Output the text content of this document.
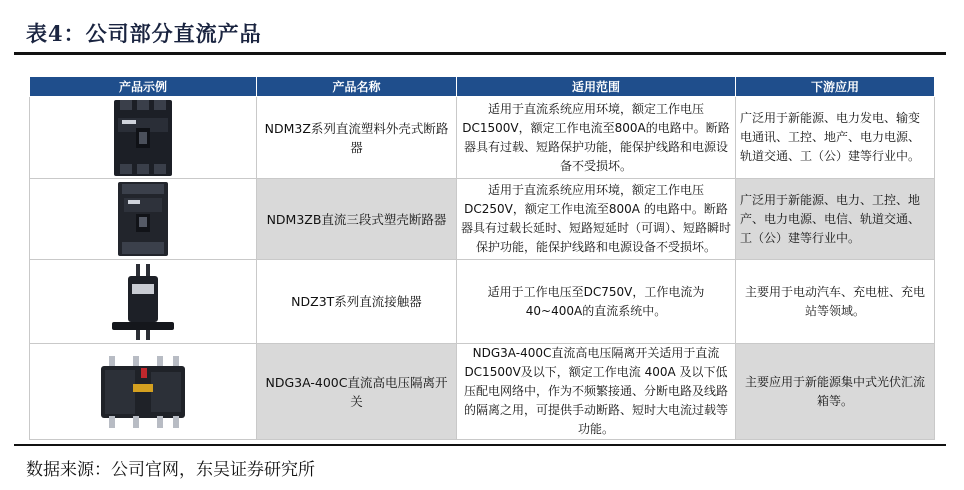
表4：公司部分直流产品
产品示例	产品名称	适用范围	下游应用

	NDM3Z系列直流塑料外壳式断路器	适用于直流系统应用环境，额定工作电压DC1500V，额定工作电流至800A的电路中。断路器具有过载、短路保护功能，能保护线路和电源设备不受损坏。	广泛用于新能源、电力发电、输变电通讯、工控、地产、电力电源、轨道交通、工（公）建等行业中。

	NDM3ZB直流三段式塑壳断路器	适用于直流系统应用环境，额定工作电压DC250V，额定工作电流至800A 的电路中。断路器具有过载长延时、短路短延时（可调）、短路瞬时保护功能，能保护线路和电源设备不受损坏。	广泛用于新能源、电力、工控、地产、电力电源、电信、轨道交通、工（公）建等行业中。

	NDZ3T系列直流接触器	适用于工作电压至DC750V，工作电流为40~400A的直流系统中。	主要用于电动汽车、充电桩、充电站等领域。

	NDG3A-400C直流高电压隔离开关	NDG3A-400C直流高电压隔离开关适用于直流DC1500V及以下，额定工作电流 400A 及以下低压配电网络中，作为不频繁接通、分断电路及线路的隔离之用，可提供手动断路、短时大电流过载等功能。	主要应用于新能源集中式光伏汇流箱等。
数据来源：公司官网，东吴证券研究所
